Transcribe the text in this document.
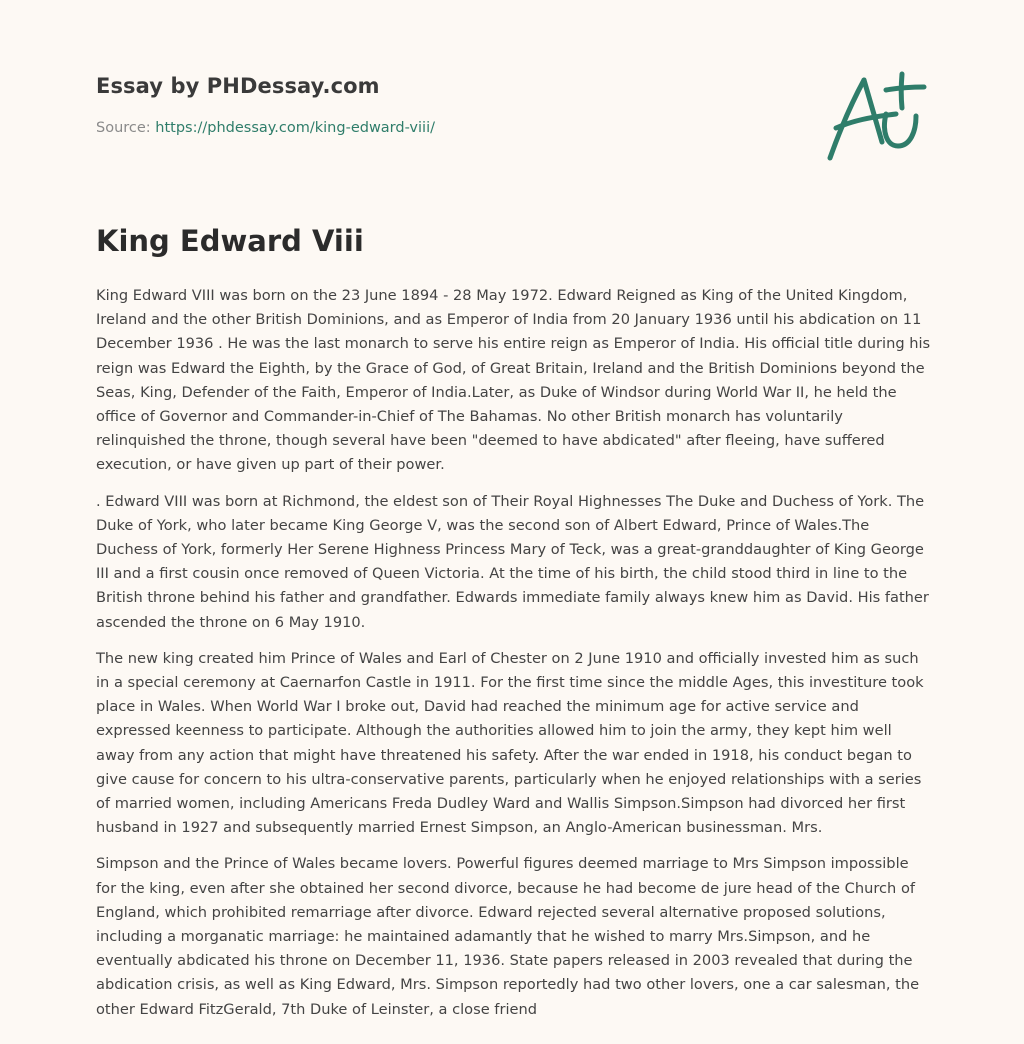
Essay by PHDessay.com
Source: https://phdessay.com/king-edward-viii/
King Edward Viii

King Edward VIII was born on the 23 June 1894 - 28 May 1972. Edward Reigned as King of the United Kingdom, Ireland and the other British Dominions, and as Emperor of India from 20 January 1936 until his abdication on 11 December 1936 . He was the last monarch to serve his entire reign as Emperor of India. His official title during his reign was Edward the Eighth, by the Grace of God, of Great Britain, Ireland and the British Dominions beyond the Seas, King, Defender of the Faith, Emperor of India.Later, as Duke of Windsor during World War II, he held the office of Governor and Commander-in-Chief of The Bahamas. No other British monarch has voluntarily relinquished the throne, though several have been "deemed to have abdicated" after fleeing, have suffered execution, or have given up part of their power.

. Edward VIII was born at Richmond, the eldest son of Their Royal Highnesses The Duke and Duchess of York. The Duke of York, who later became King George V, was the second son of Albert Edward, Prince of Wales.The Duchess of York, formerly Her Serene Highness Princess Mary of Teck, was a great-granddaughter of King George III and a first cousin once removed of Queen Victoria. At the time of his birth, the child stood third in line to the British throne behind his father and grandfather. Edwards immediate family always knew him as David. His father ascended the throne on 6 May 1910.

The new king created him Prince of Wales and Earl of Chester on 2 June 1910 and officially invested him as such in a special ceremony at Caernarfon Castle in 1911. For the first time since the middle Ages, this investiture took place in Wales. When World War I broke out, David had reached the minimum age for active service and expressed keenness to participate. Although the authorities allowed him to join the army, they kept him well away from any action that might have threatened his safety. After the war ended in 1918, his conduct began to give cause for concern to his ultra-conservative parents, particularly when he enjoyed relationships with a series of married women, including Americans Freda Dudley Ward and Wallis Simpson.Simpson had divorced her first husband in 1927 and subsequently married Ernest Simpson, an Anglo-American businessman. Mrs.

Simpson and the Prince of Wales became lovers. Powerful figures deemed marriage to Mrs Simpson impossible for the king, even after she obtained her second divorce, because he had become de jure head of the Church of England, which prohibited remarriage after divorce. Edward rejected several alternative proposed solutions, including a morganatic marriage: he maintained adamantly that he wished to marry Mrs.Simpson, and he eventually abdicated his throne on December 11, 1936. State papers released in 2003 revealed that during the abdication crisis, as well as King Edward, Mrs. Simpson reportedly had two other lovers, one a car salesman, the other Edward FitzGerald, 7th Duke of Leinster, a close friend
